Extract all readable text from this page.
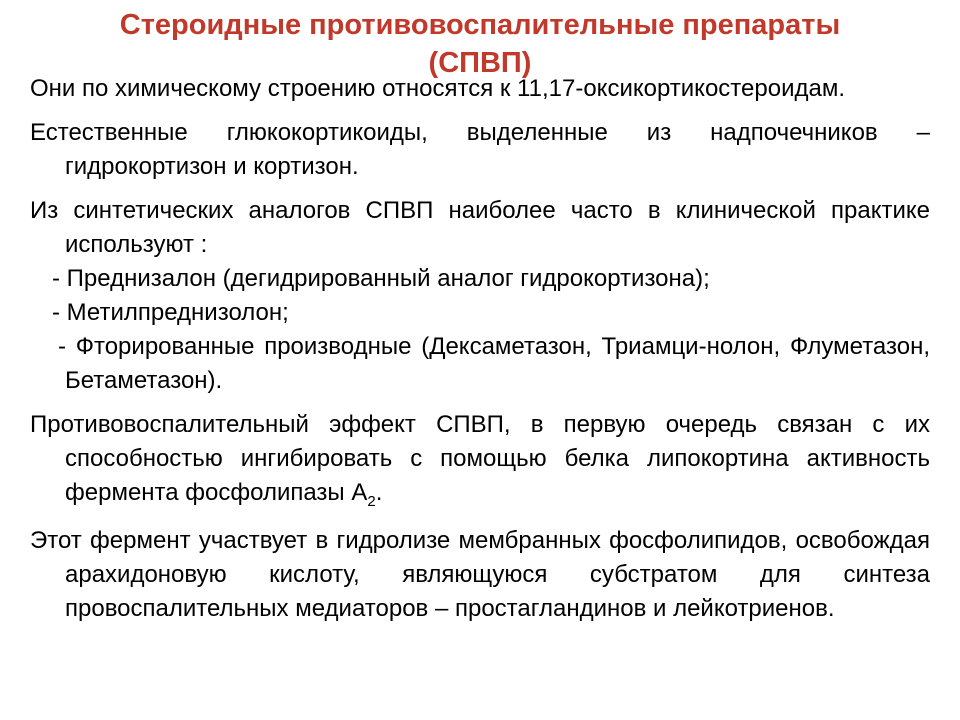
Стероидные противовоспалительные препараты
(СПВП)

Они по химическому строению относятся к 11,17-оксикортикостероидам.

Естественные глюкокортикоиды, выделенные из надпочечников – гидрокортизон и кортизон.

Из синтетических аналогов СПВП наиболее часто в клинической практике используют :

- Преднизалон (дегидрированный аналог гидрокортизона);

- Метилпреднизолон;

- Фторированные производные (Дексаметазон, Триамци-нолон, Флуметазон, Бетаметазон).

Противовоспалительный эффект СПВП, в первую очередь связан с их способностью ингибировать с помощью белка липокортина активность фермента фосфолипазы $А_2$.

Этот фермент участвует в гидролизе мембранных фосфолипидов, освобождая арахидоновую кислоту, являющуюся субстратом для синтеза провоспалительных медиаторов – простагландинов и лейкотриенов.
